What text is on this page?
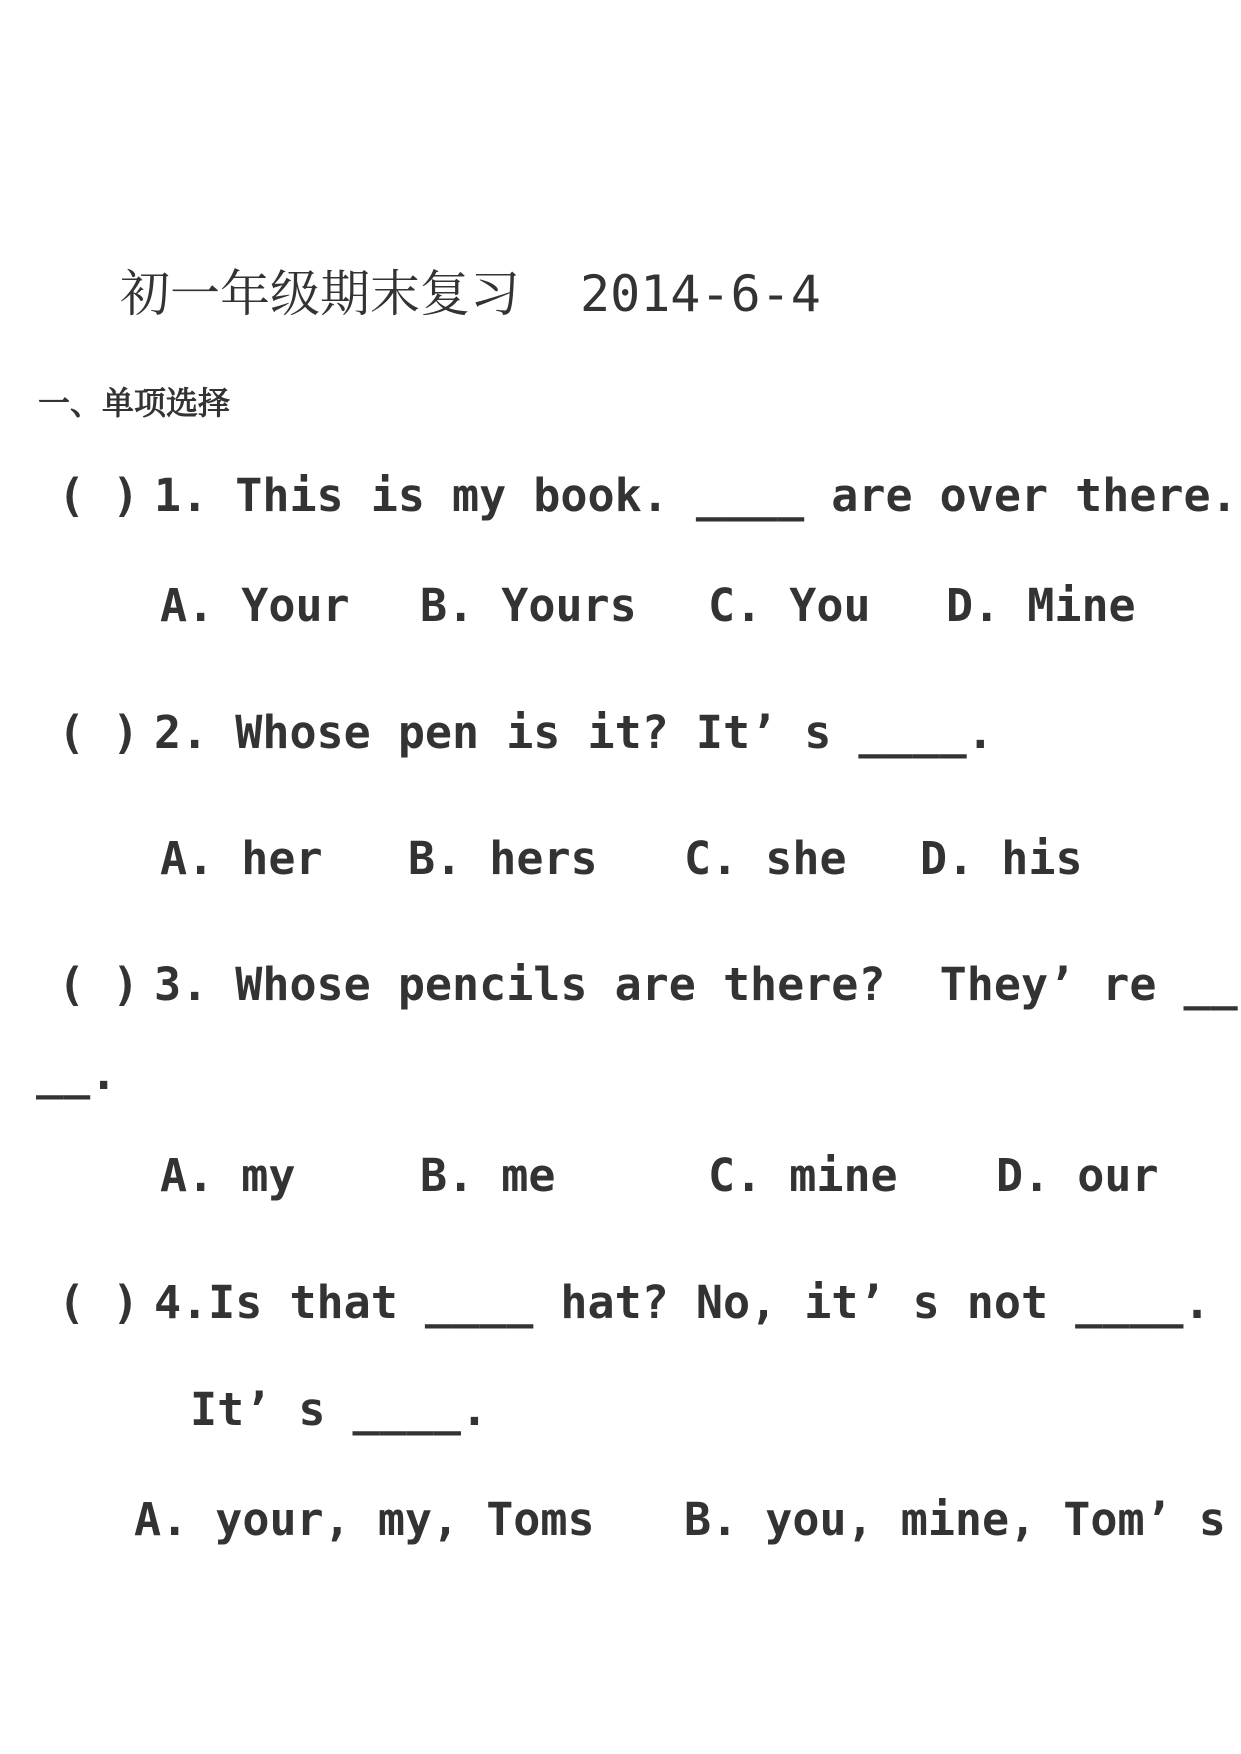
初一年级期末复习 2014-6-4
一、单项选择
( ) 1. This is my book. ____ are over there.
A. Your B. Yours C. You D. Mine
( ) 2. Whose pen is it? It’ s ____.
A. her B. hers C. she D. his
( ) 3. Whose pencils are there?  They’ re __
__.
A. my	B. me	C. mine D. our
( ) 4.Is that ____ hat? No, it’ s not ____.
It’ s ____.
A. your, my, Toms B. you, mine, Tom’ s
